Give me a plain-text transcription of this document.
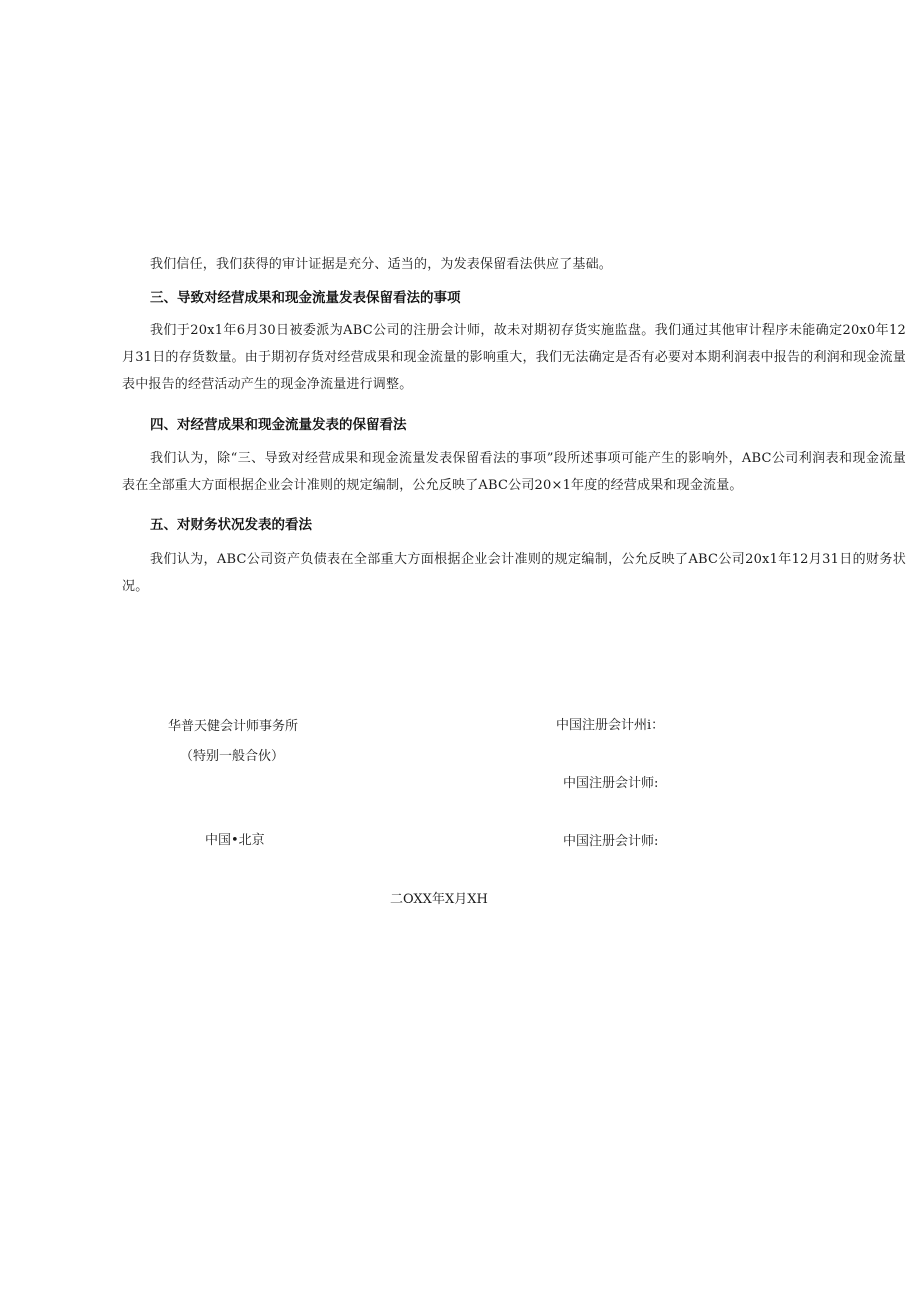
我们信任，我们获得的审计证据是充分、适当的，为发表保留看法供应了基础。

三、导致对经营成果和现金流量发表保留看法的事项

我们于20x1年6月30日被委派为ABC公司的注册会计师，故未对期初存货实施监盘。我们通过其他审计程序未能确定20x0年12月31日的存货数量。由于期初存货对经营成果和现金流量的影响重大，我们无法确定是否有必要对本期利润表中报告的利润和现金流量表中报告的经营活动产生的现金净流量进行调整。

四、对经营成果和现金流量发表的保留看法

我们认为，除“三、导致对经营成果和现金流量发表保留看法的事项”段所述事项可能产生的影响外，ABC公司利润表和现金流量表在全部重大方面根据企业会计准则的规定编制，公允反映了ABC公司20×1年度的经营成果和现金流量。

五、对财务状况发表的看法

我们认为，ABC公司资产负债表在全部重大方面根据企业会计准则的规定编制，公允反映了ABC公司20x1年12月31日的财务状况。

华普天健会计师事务所

（特别一般合伙）

中国•北京

中国注册会计州i：

中国注册会计师:

中国注册会计师:

二OXX年X月XH
